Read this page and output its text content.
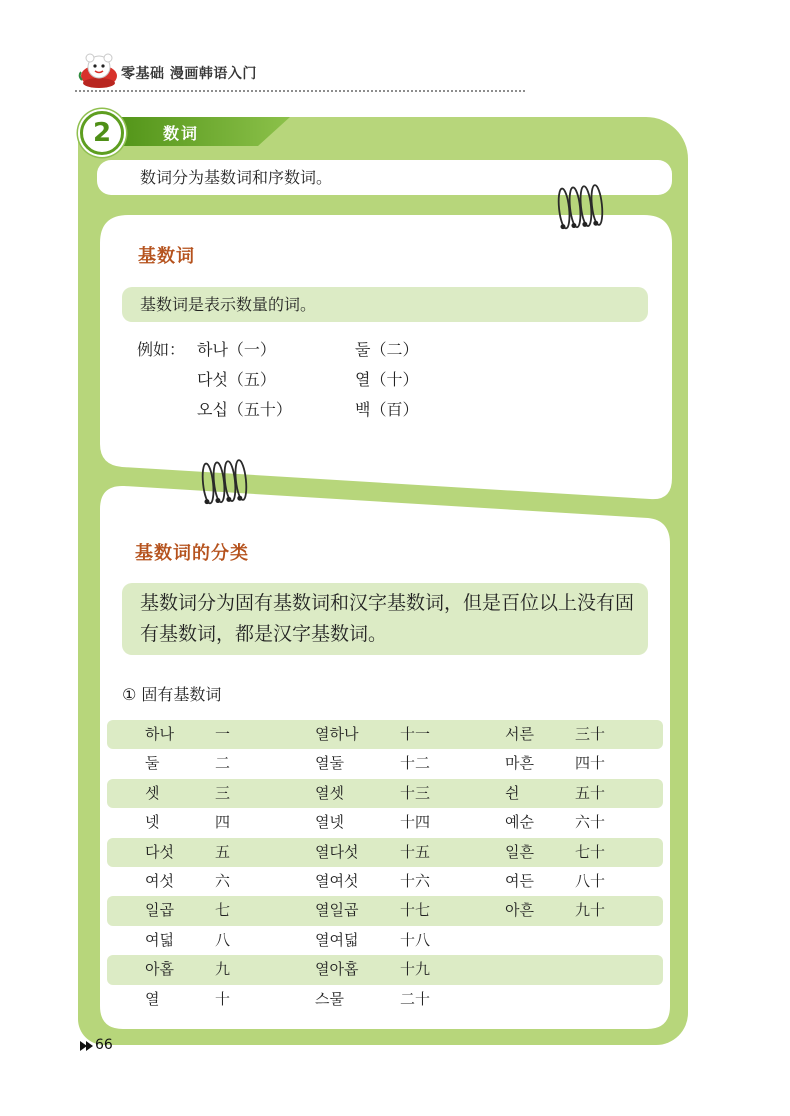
零基础 漫画韩语入门
2	数词
数词分为基数词和序数词。
基数词
基数词是表示数量的词。
例如： 하나（一）	둘（二）
다섯（五）	열（十）
오십（五十）	백（百）
基数词的分类
基数词分为固有基数词和汉字基数词，但是百位以上没有固有基数词，都是汉字基数词。
① 固有基数词
하나	一	열하나	十一	서른	三十
둘	二	열둘	十二	마흔	四十
셋	三	열셋	十三	쉰	五十
넷	四	열넷	十四	예순	六十
다섯	五	열다섯	十五	일흔	七十
여섯	六	열여섯	十六	여든	八十
일곱	七	열일곱	十七	아흔	九十
여덟	八	열여덟	十八
아홉	九	열아홉	十九
열	十	스물	二十
66
